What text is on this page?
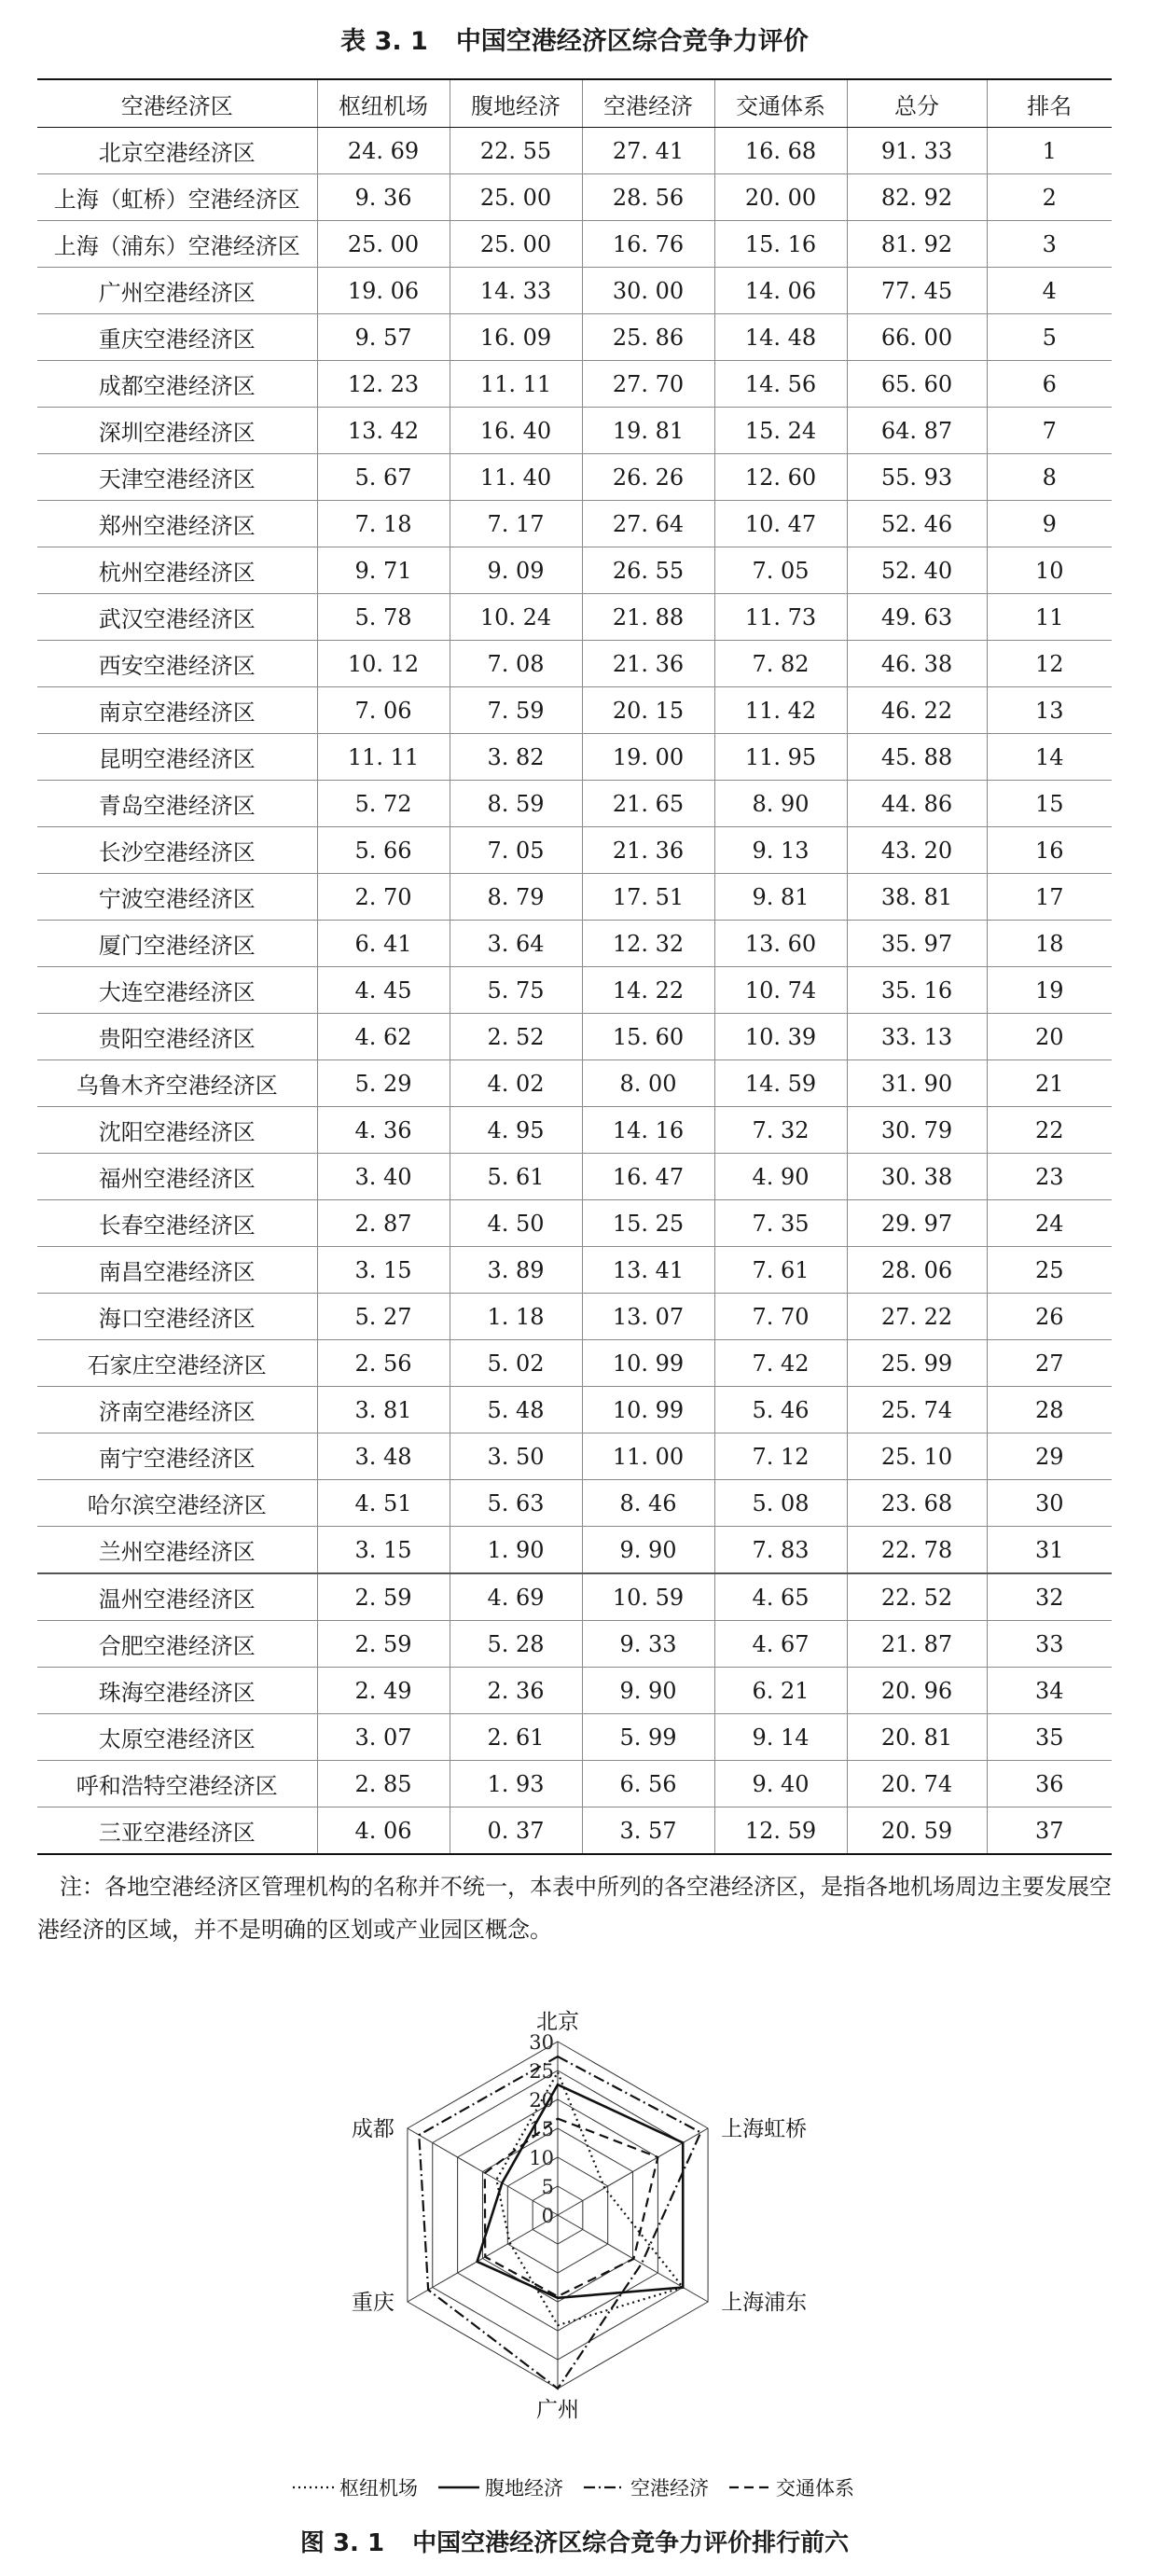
表 3. 1 中国空港经济区综合竞争力评价
空港经济区	枢纽机场	腹地经济	空港经济	交通体系	总分	排名
北京空港经济区	24. 69	22. 55	27. 41	16. 68	91. 33	1
上海（虹桥）空港经济区	9. 36	25. 00	28. 56	20. 00	82. 92	2
上海（浦东）空港经济区	25. 00	25. 00	16. 76	15. 16	81. 92	3
广州空港经济区	19. 06	14. 33	30. 00	14. 06	77. 45	4
重庆空港经济区	9. 57	16. 09	25. 86	14. 48	66. 00	5
成都空港经济区	12. 23	11. 11	27. 70	14. 56	65. 60	6
深圳空港经济区	13. 42	16. 40	19. 81	15. 24	64. 87	7
天津空港经济区	5. 67	11. 40	26. 26	12. 60	55. 93	8
郑州空港经济区	7. 18	7. 17	27. 64	10. 47	52. 46	9
杭州空港经济区	9. 71	9. 09	26. 55	7. 05	52. 40	10
武汉空港经济区	5. 78	10. 24	21. 88	11. 73	49. 63	11
西安空港经济区	10. 12	7. 08	21. 36	7. 82	46. 38	12
南京空港经济区	7. 06	7. 59	20. 15	11. 42	46. 22	13
昆明空港经济区	11. 11	3. 82	19. 00	11. 95	45. 88	14
青岛空港经济区	5. 72	8. 59	21. 65	8. 90	44. 86	15
长沙空港经济区	5. 66	7. 05	21. 36	9. 13	43. 20	16
宁波空港经济区	2. 70	8. 79	17. 51	9. 81	38. 81	17
厦门空港经济区	6. 41	3. 64	12. 32	13. 60	35. 97	18
大连空港经济区	4. 45	5. 75	14. 22	10. 74	35. 16	19
贵阳空港经济区	4. 62	2. 52	15. 60	10. 39	33. 13	20
乌鲁木齐空港经济区	5. 29	4. 02	8. 00	14. 59	31. 90	21
沈阳空港经济区	4. 36	4. 95	14. 16	7. 32	30. 79	22
福州空港经济区	3. 40	5. 61	16. 47	4. 90	30. 38	23
长春空港经济区	2. 87	4. 50	15. 25	7. 35	29. 97	24
南昌空港经济区	3. 15	3. 89	13. 41	7. 61	28. 06	25
海口空港经济区	5. 27	1. 18	13. 07	7. 70	27. 22	26
石家庄空港经济区	2. 56	5. 02	10. 99	7. 42	25. 99	27
济南空港经济区	3. 81	5. 48	10. 99	5. 46	25. 74	28
南宁空港经济区	3. 48	3. 50	11. 00	7. 12	25. 10	29
哈尔滨空港经济区	4. 51	5. 63	8. 46	5. 08	23. 68	30
兰州空港经济区	3. 15	1. 90	9. 90	7. 83	22. 78	31
温州空港经济区	2. 59	4. 69	10. 59	4. 65	22. 52	32
合肥空港经济区	2. 59	5. 28	9. 33	4. 67	21. 87	33
珠海空港经济区	2. 49	2. 36	9. 90	6. 21	20. 96	34
太原空港经济区	3. 07	2. 61	5. 99	9. 14	20. 81	35
呼和浩特空港经济区	2. 85	1. 93	6. 56	9. 40	20. 74	36
三亚空港经济区	4. 06	0. 37	3. 57	12. 59	20. 59	37
注：各地空港经济区管理机构的名称并不统一，本表中所列的各空港经济区，是指各地机场周边主要发展空港经济的区域，并不是明确的区划或产业园区概念。
0
5
10
15
20
25
30
北京
上海虹桥
上海浦东
广州
重庆
成都
枢纽机场	腹地经济	空港经济	交通体系
图 3. 1 中国空港经济区综合竞争力评价排行前六
